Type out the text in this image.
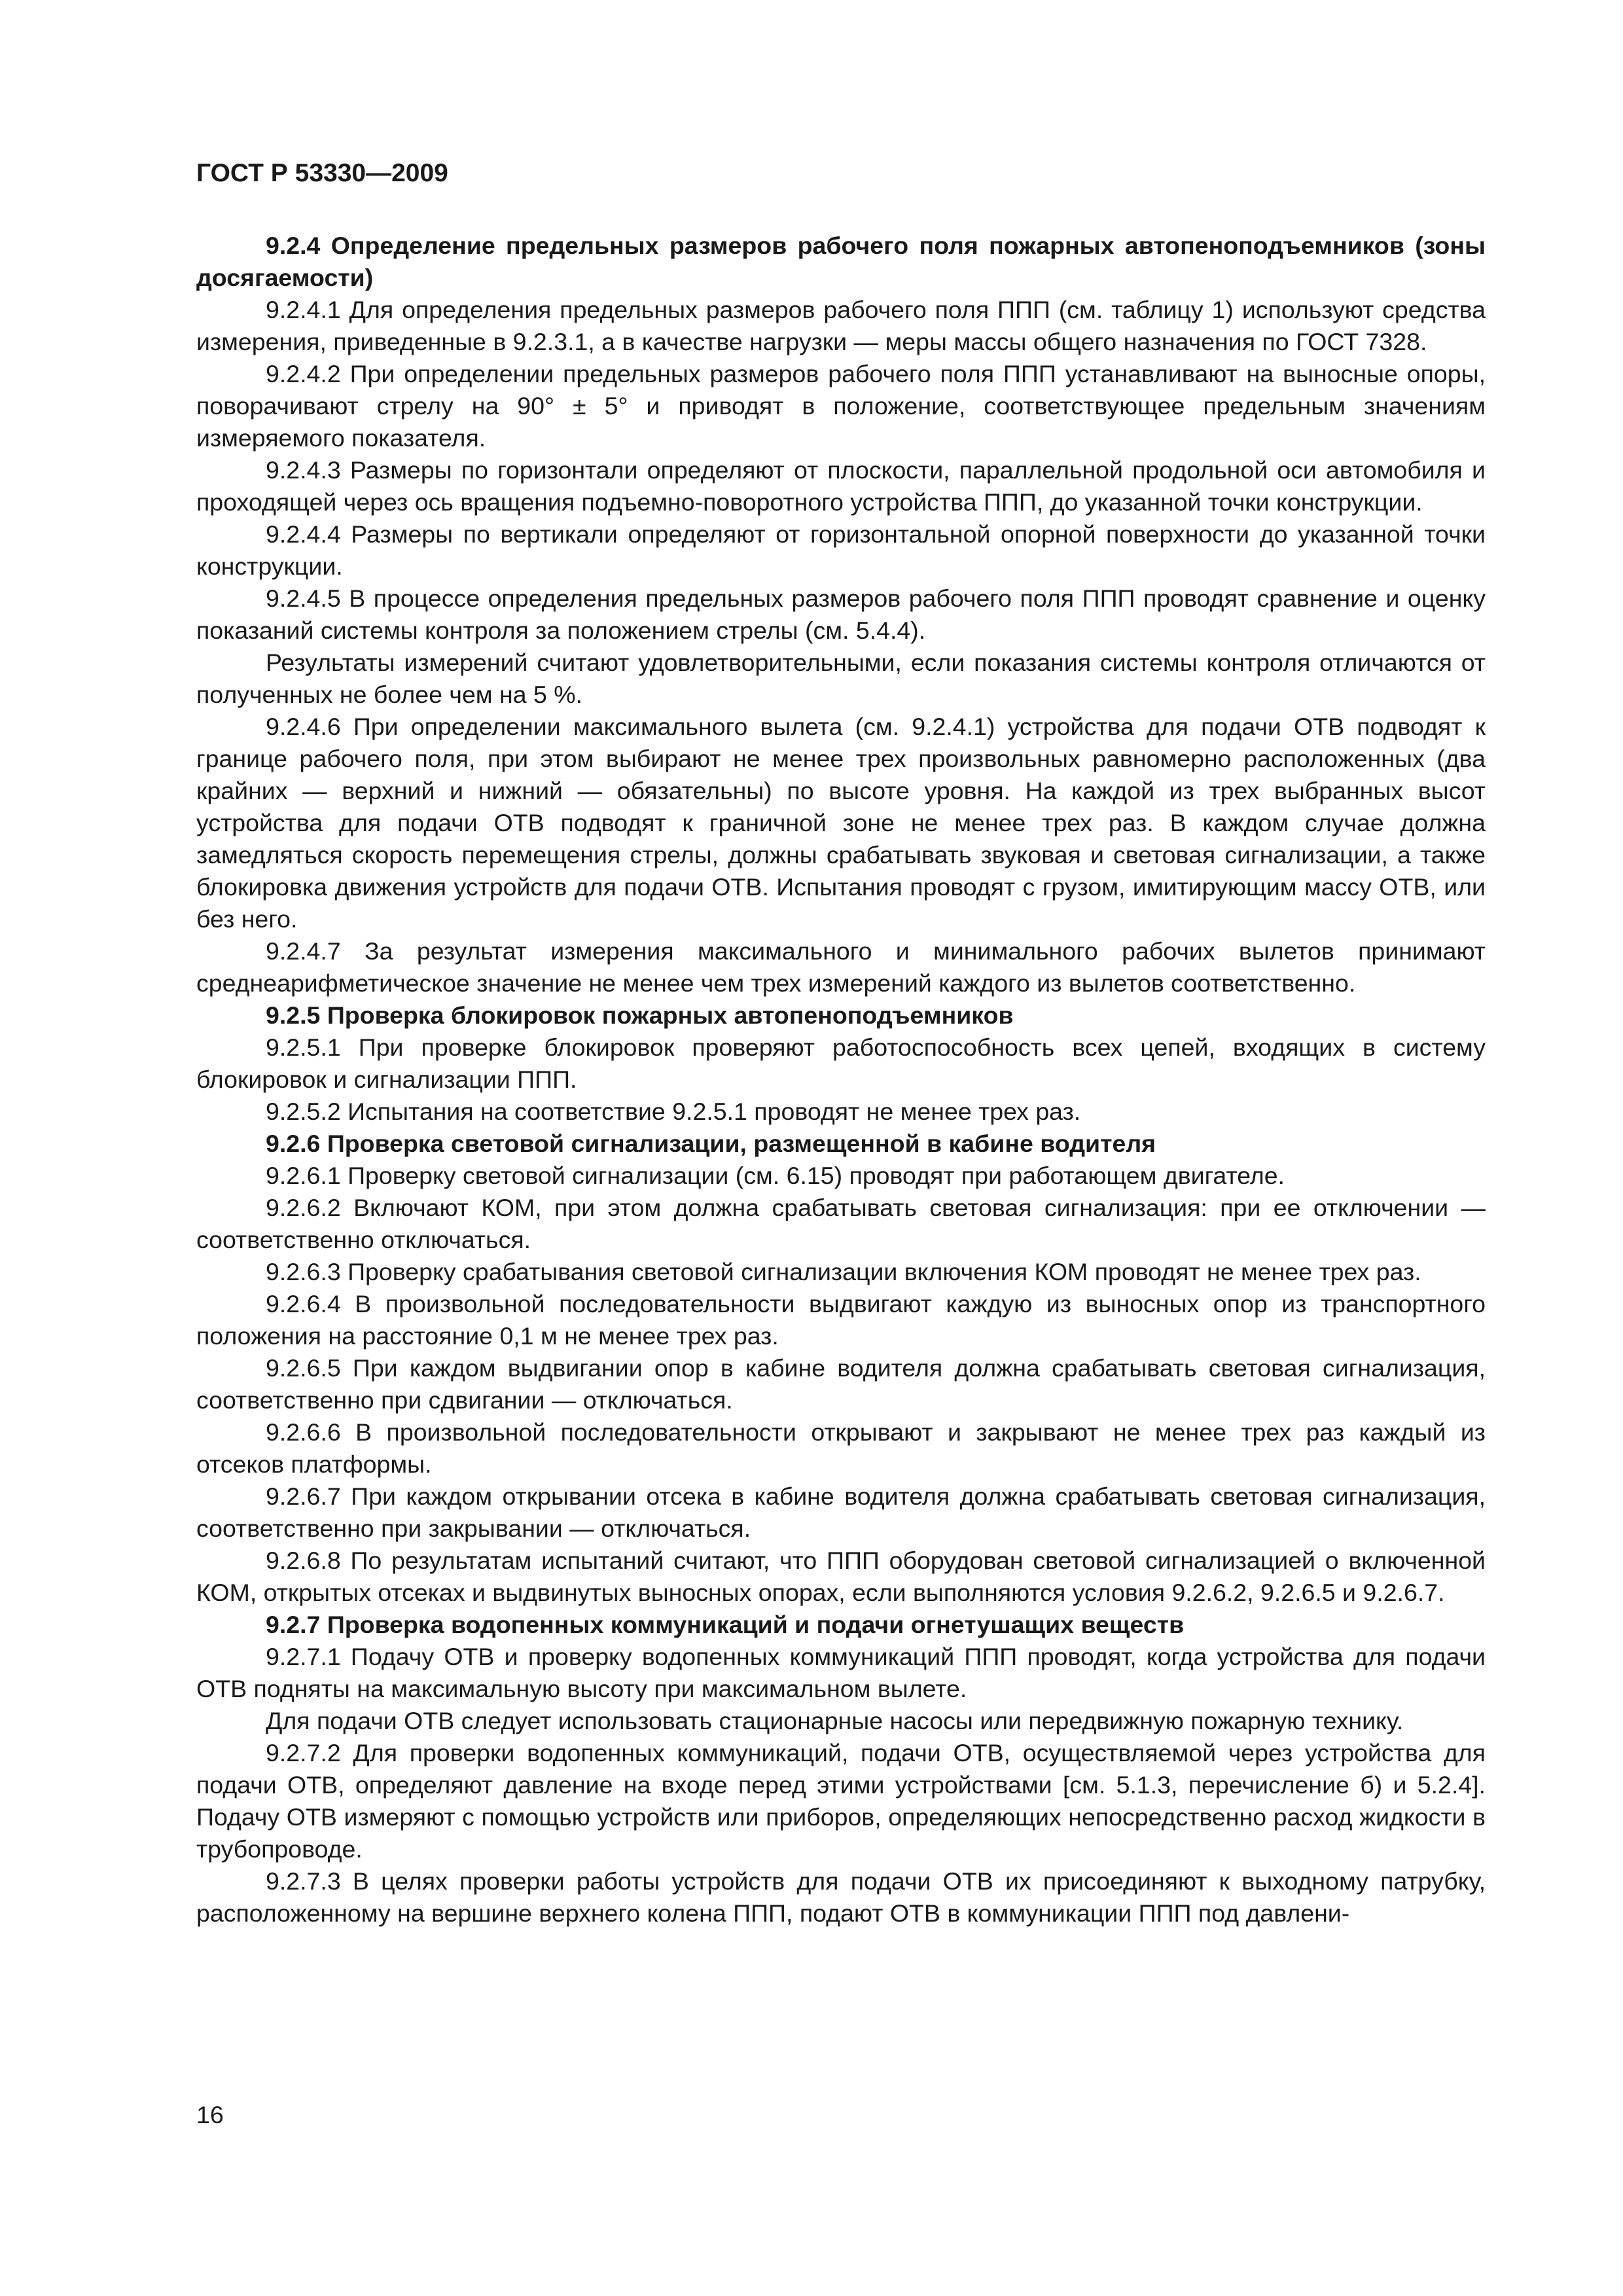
ГОСТ Р 53330—2009

9.2.4 Определение предельных размеров рабочего поля пожарных автопеноподъемников (зоны досягаемости)

9.2.4.1 Для определения предельных размеров рабочего поля ППП (см. таблицу 1) используют средства измерения, приведенные в 9.2.3.1, а в качестве нагрузки — меры массы общего назначения по ГОСТ 7328.

9.2.4.2 При определении предельных размеров рабочего поля ППП устанавливают на выносные опоры, поворачивают стрелу на 90° ± 5° и приводят в положение, соответствующее предельным значениям измеряемого показателя.

9.2.4.3 Размеры по горизонтали определяют от плоскости, параллельной продольной оси автомобиля и проходящей через ось вращения подъемно-поворотного устройства ППП, до указанной точки конструкции.

9.2.4.4 Размеры по вертикали определяют от горизонтальной опорной поверхности до указанной точки конструкции.

9.2.4.5 В процессе определения предельных размеров рабочего поля ППП проводят сравнение и оценку показаний системы контроля за положением стрелы (см. 5.4.4).

Результаты измерений считают удовлетворительными, если показания системы контроля отличаются от полученных не более чем на 5 %.

9.2.4.6 При определении максимального вылета (см. 9.2.4.1) устройства для подачи ОТВ подводят к границе рабочего поля, при этом выбирают не менее трех произвольных равномерно расположенных (два крайних — верхний и нижний — обязательны) по высоте уровня. На каждой из трех выбранных высот устройства для подачи ОТВ подводят к граничной зоне не менее трех раз. В каждом случае должна замедляться скорость перемещения стрелы, должны срабатывать звуковая и световая сигнализации, а также блокировка движения устройств для подачи ОТВ. Испытания проводят с грузом, имитирующим массу ОТВ, или без него.

9.2.4.7 За результат измерения максимального и минимального рабочих вылетов принимают среднеарифметическое значение не менее чем трех измерений каждого из вылетов соответственно.

9.2.5 Проверка блокировок пожарных автопеноподъемников

9.2.5.1 При проверке блокировок проверяют работоспособность всех цепей, входящих в систему блокировок и сигнализации ППП.

9.2.5.2 Испытания на соответствие 9.2.5.1 проводят не менее трех раз.

9.2.6 Проверка световой сигнализации, размещенной в кабине водителя

9.2.6.1 Проверку световой сигнализации (см. 6.15) проводят при работающем двигателе.

9.2.6.2 Включают КОМ, при этом должна срабатывать световая сигнализация: при ее отключении — соответственно отключаться.

9.2.6.3 Проверку срабатывания световой сигнализации включения КОМ проводят не менее трех раз.

9.2.6.4 В произвольной последовательности выдвигают каждую из выносных опор из транспортного положения на расстояние 0,1 м не менее трех раз.

9.2.6.5 При каждом выдвигании опор в кабине водителя должна срабатывать световая сигнализация, соответственно при сдвигании — отключаться.

9.2.6.6 В произвольной последовательности открывают и закрывают не менее трех раз каждый из отсеков платформы.

9.2.6.7 При каждом открывании отсека в кабине водителя должна срабатывать световая сигнализация, соответственно при закрывании — отключаться.

9.2.6.8 По результатам испытаний считают, что ППП оборудован световой сигнализацией о включенной КОМ, открытых отсеках и выдвинутых выносных опорах, если выполняются условия 9.2.6.2, 9.2.6.5 и 9.2.6.7.

9.2.7 Проверка водопенных коммуникаций и подачи огнетушащих веществ

9.2.7.1 Подачу ОТВ и проверку водопенных коммуникаций ППП проводят, когда устройства для подачи ОТВ подняты на максимальную высоту при максимальном вылете.

Для подачи ОТВ следует использовать стационарные насосы или передвижную пожарную технику.

9.2.7.2 Для проверки водопенных коммуникаций, подачи ОТВ, осуществляемой через устройства для подачи ОТВ, определяют давление на входе перед этими устройствами [см. 5.1.3, перечисление б) и 5.2.4]. Подачу ОТВ измеряют с помощью устройств или приборов, определяющих непосредственно расход жидкости в трубопроводе.

9.2.7.3 В целях проверки работы устройств для подачи ОТВ их присоединяют к выходному патрубку, расположенному на вершине верхнего колена ППП, подают ОТВ в коммуникации ППП под давлени-

16
